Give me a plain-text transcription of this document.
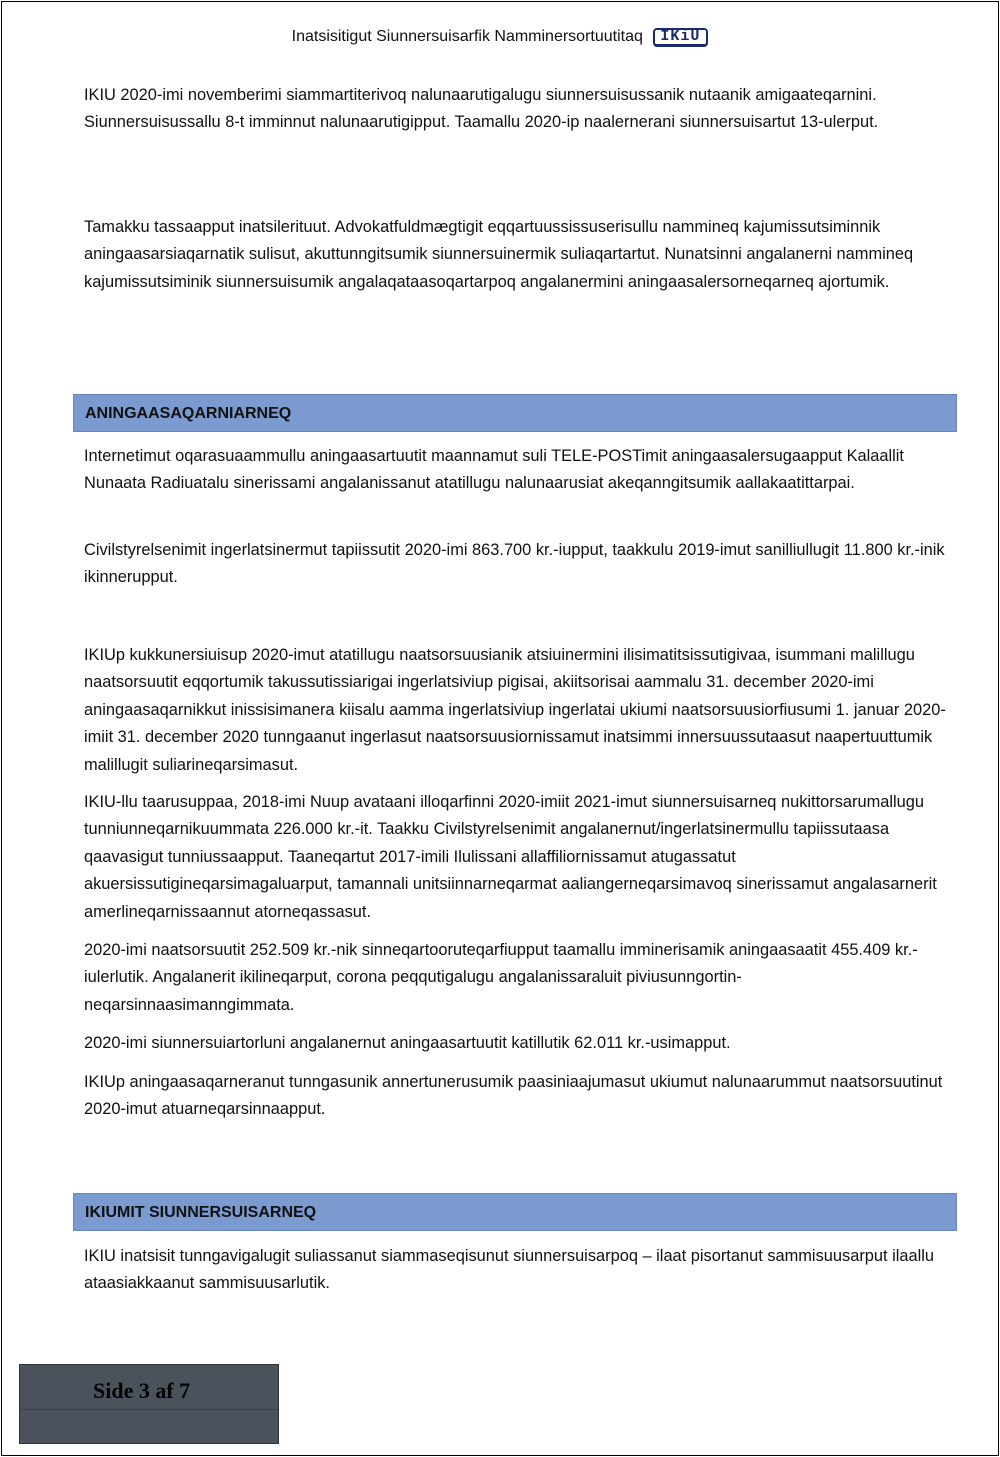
Inatsisitigut Siunnersuisarfik Namminersortuutitaq IKiU

IKIU 2020-imi novemberimi siammartiterivoq nalunaarutigalugu siunnersuisussanik nutaanik amigaateqarnini. Siunnersuisussallu 8-t imminnut nalunaarutigipput. Taamallu 2020-ip naalernerani siunnersuisartut 13-ulerput.

Tamakku tassaapput inatsilerituut. Advokatfuldmægtigit eqqartuussissuserisullu nammineq kajumissutsiminnik aningaasarsiaqarnatik sulisut, akuttunngitsumik siunnersuinermik suliaqartartut. Nunatsinni angalanerni nammineq kajumissutsiminik siunnersuisumik angalaqataasoqartarpoq angalanermini aningaasalersorneqarneq ajortumik.

ANINGAASAQARNIARNEQ

Internetimut oqarasuaammullu aningaasartuutit maannamut suli TELE-POSTimit aningaasalersugaapput Kalaallit Nunaata Radiuatalu sinerissami angalanissanut atatillugu nalunaarusiat akeqanngitsumik aallakaatittarpai.

Civilstyrelsenimit ingerlatsinermut tapiissutit 2020-imi 863.700 kr.-iupput, taakkulu 2019-imut sanilliullugit 11.800 kr.-inik ikinnerupput.

IKIUp kukkunersiuisup 2020-imut atatillugu naatsorsuusianik atsiuinermini ilisimatitsissutigivaa, isummani malillugu naatsorsuutit eqqortumik takussutissiarigai ingerlatsiviup pigisai, akiitsorisai aammalu 31. december 2020-imi aningaasaqarnikkut inissisimanera kiisalu aamma ingerlatsiviup ingerlatai ukiumi naatsorsuusiorfiusumi 1. januar 2020-imiit 31. december 2020 tunngaanut ingerlasut naatsorsuusiornissamut inatsimmi innersuussutaasut naapertuuttumik malillugit suliarineqarsimasut.

IKIU-llu taarusuppaa, 2018-imi Nuup avataani illoqarfinni 2020-imiit 2021-imut siunnersuisarneq nukittorsarumallugu tunniunneqarnikuummata 226.000 kr.-it. Taakku Civilstyrelsenimit angalanernut/ingerlatsinermullu tapiissutaasa qaavasigut tunniussaapput. Taaneqartut 2017-imili Ilulissani allaffiliornissamut atugassatut akuersissutigineqarsimagaluarput, tamannali unitsiinnarneqarmat aaliangerneqarsimavoq sinerissamut angalasarnerit amerlineqarnissaannut atorneqassasut.

2020-imi naatsorsuutit 252.509 kr.-nik sinneqartooruteqarfiupput taamallu imminerisamik aningaasaatit 455.409 kr.-iulerlutik. Angalanerit ikilineqarput, corona peqqutigalugu angalanissaraluit piviusunngortinneqarsinnaasimanngimmata.

2020-imi siunnersuiartorluni angalanernut aningaasartuutit katillutik 62.011 kr.-usimapput.

IKIUp aningaasaqarneranut tunngasunik annertunerusumik paasiniaajumasut ukiumut nalunaarummut naatsorsuutinut 2020-imut atuarneqarsinnaapput.

IKIUMIT SIUNNERSUISARNEQ

IKIU inatsisit tunngavigalugit suliassanut siammaseqisunut siunnersuisarpoq – ilaat pisortanut sammisuusarput ilaallu ataasiakkaanut sammisuusarlutik.

Side 3 af 7
